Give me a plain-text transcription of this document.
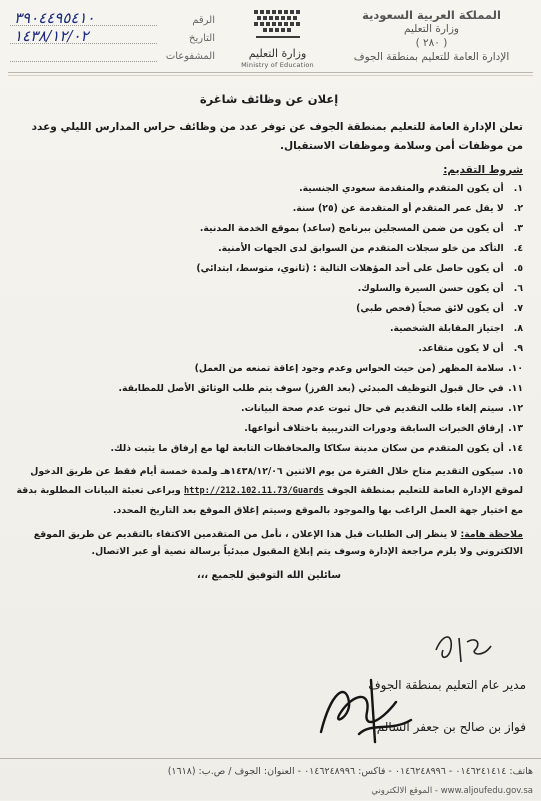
المملكة العربية السعودية
وزارة التعليم
( ٢٨٠ )
الإدارة العامة للتعليم بمنطقة الجوف
وزارة التعليم
Ministry of Education
الرقم
٣٩٠٤٤٩٥٤١٠
التاريخ
١٤٣٨/١٢/٠٢
المشفوعات
إعلان عن وظائف شاغرة
تعلن الإدارة العامة للتعليم بمنطقة الجوف عن توفر عدد من وظائف حراس المدارس الليلي وعدد من موظفات أمن وسلامة وموظفات الاستقبال.
شروط التقديم:
١. أن يكون المتقدم والمتقدمة سعودي الجنسية.
٢. لا يقل عمر المتقدم أو المتقدمة عن (٢٥) سنة.
٣. أن يكون من ضمن المسجلين ببرنامج (ساعد) بموقع الخدمة المدنية.
٤. التأكد من خلو سجلات المتقدم من السوابق لدى الجهات الأمنية.
٥. أن يكون حاصل على أحد المؤهلات التالية : (ثانوي، متوسط، ابتدائي)
٦. أن يكون حسن السيرة والسلوك.
٧. أن يكون لائق صحياً (فحص طبي)
٨. اجتياز المقابلة الشخصية.
٩. أن لا يكون متقاعد.
١٠. سلامة المظهر (من حيث الحواس وعدم وجود إعاقة تمنعه من العمل)
١١. في حال قبول التوظيف المبدئي (بعد الفرز) سوف يتم طلب الوثائق الأصل للمطابقة.
١٢. سيتم إلغاء طلب التقديم في حال ثبوت عدم صحة البيانات.
١٣. إرفاق الخبرات السابقة ودورات التدريبية باختلاف أنواعها.
١٤. أن يكون المتقدم من سكان مدينة سكاكا والمحافظات التابعة لها مع إرفاق ما يثبت ذلك.
١٥. سيكون التقديم متاح خلال الفترة من يوم الاثنين ١٤٣٨/١٢/٠٦هـ ولمدة خمسة أيام فقط عن طريق الدخول لموقع الإدارة العامة للتعليم بمنطقة الجوف http://212.102.11.73/Guards ويراعى تعبئة البيانات المطلوبة بدقة مع اختيار جهة العمل الراغب بها والموجود بالموقع وسيتم إغلاق الموقع بعد التاريخ المحدد.
ملاحظة هامة: لا ينظر إلى الطلبات قبل هذا الإعلان ، نأمل من المتقدمين الاكتفاء بالتقديم عن طريق الموقع الالكتروني ولا يلزم مراجعة الإدارة وسوف يتم إبلاغ المقبول مبدئياً برسالة نصية أو عبر الاتصال.
سائلين الله التوفيق للجميع ،،،
مدير عام التعليم بمنطقة الجوف
فواز بن صالح بن جعفر السالم
هاتف: ٠١٤٦٢٤١٤١٤ - ٠١٤٦٢٤٨٩٩٦ - فاكس: ٠١٤٦٢٤٨٩٩٦ - العنوان: الجوف / ص.ب: (١٦١٨)
www.aljoufedu.gov.sa - الموقع الالكتروني
